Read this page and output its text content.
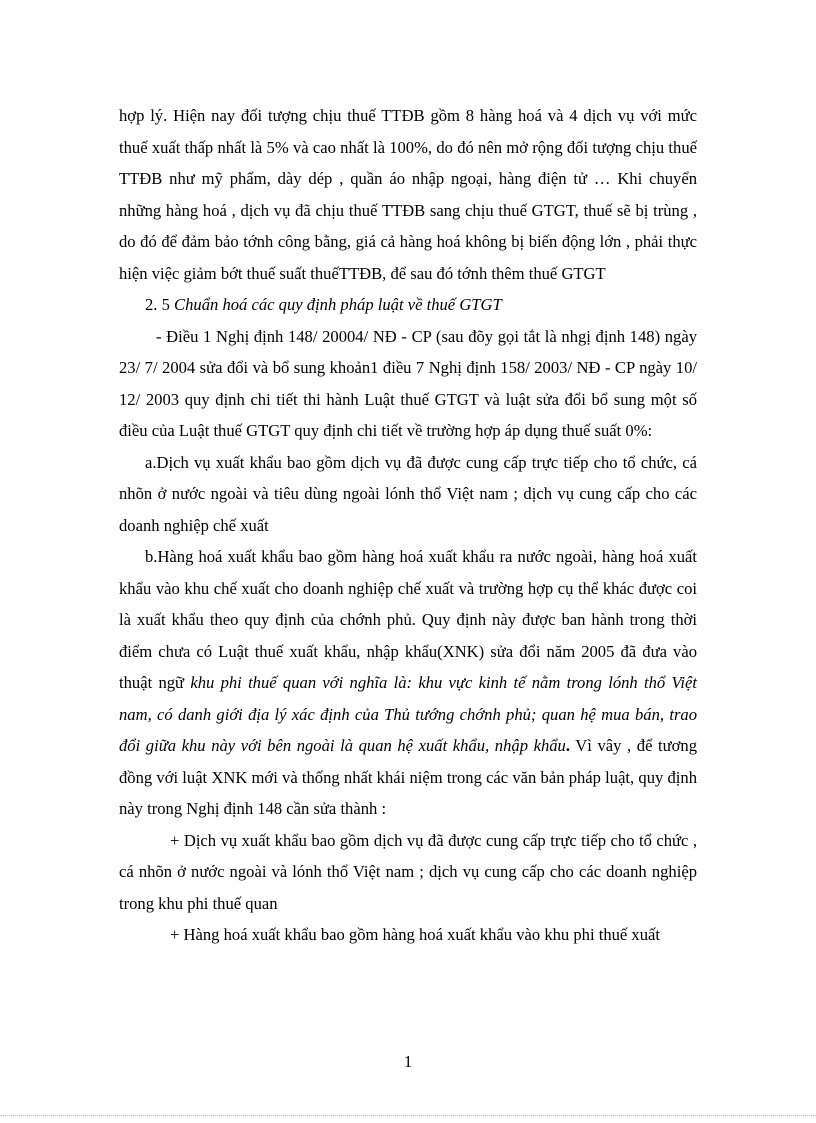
hợp lý. Hiện nay đối tượng chịu thuế TTĐB gồm 8 hàng hoá và 4 dịch vụ với mức thuế xuất thấp nhất là 5% và cao nhất là 100%, do đó nên mở rộng đối tượng chịu thuế TTĐB như mỹ phẩm, dày dép , quần áo nhập ngoại, hàng điện tử … Khi chuyển những hàng hoá , dịch vụ đã chịu thuế TTĐB sang chịu thuế GTGT, thuế sẽ bị trùng , do đó để đảm bảo tớnh công bằng, giá cả hàng hoá không bị biến động lớn , phải thực hiện việc giảm bớt thuế suất thuếTTĐB, để sau đó tớnh thêm thuế GTGT

2. 5 Chuẩn hoá các quy định pháp luật về thuế GTGT

- Điều 1 Nghị định 148/ 20004/ NĐ - CP (sau đõy gọi tắt là nhgị định 148) ngày 23/ 7/ 2004 sửa đổi và bổ sung khoản1 điều 7 Nghị định 158/ 2003/ NĐ - CP ngày 10/ 12/ 2003 quy định chi tiết thi hành Luật thuế GTGT và luật sửa đổi bổ sung một số điều của Luật thuế GTGT quy định chi tiết về trường hợp áp dụng thuế suất 0%:

a.Dịch vụ xuất khẩu bao gồm dịch vụ đã được cung cấp trực tiếp cho tổ chức, cá nhõn ở nước ngoài và tiêu dùng ngoài lónh thổ Việt nam ; dịch vụ cung cấp cho các doanh nghiệp chế xuất

b.Hàng hoá xuất khẩu bao gồm hàng hoá xuất khẩu ra nước ngoài, hàng hoá xuất khẩu vào khu chế xuất cho doanh nghiệp chế xuất và trường hợp cụ thể khác được coi là xuất khẩu theo quy định của chớnh phủ. Quy định này được ban hành trong thời điểm chưa có Luật thuế xuất khẩu, nhập khẩu(XNK) sửa đổi năm 2005 đã đưa vào thuật ngữ khu phi thuế quan với nghĩa là: khu vực kinh tế nằm trong lónh thổ Việt nam, có danh giới địa lý xác định của Thủ tướng chớnh phủ; quan hệ mua bán, trao đổi giữa khu này với bên ngoài là quan hệ xuất khẩu, nhập khẩu. Vì vây , để tương đồng với luật XNK mới và thống nhất khái niệm trong các văn bản pháp luật, quy định này trong Nghị định 148 cần sửa thành :

+ Dịch vụ xuất khẩu bao gồm dịch vụ đã được cung cấp trực tiếp cho tổ chức , cá nhõn ở nước ngoài và lónh thổ Việt nam ; dịch vụ cung cấp cho các doanh nghiệp trong khu phi thuế quan

+ Hàng hoá xuất khẩu bao gồm hàng hoá xuất khẩu vào khu phi thuế xuất

1
